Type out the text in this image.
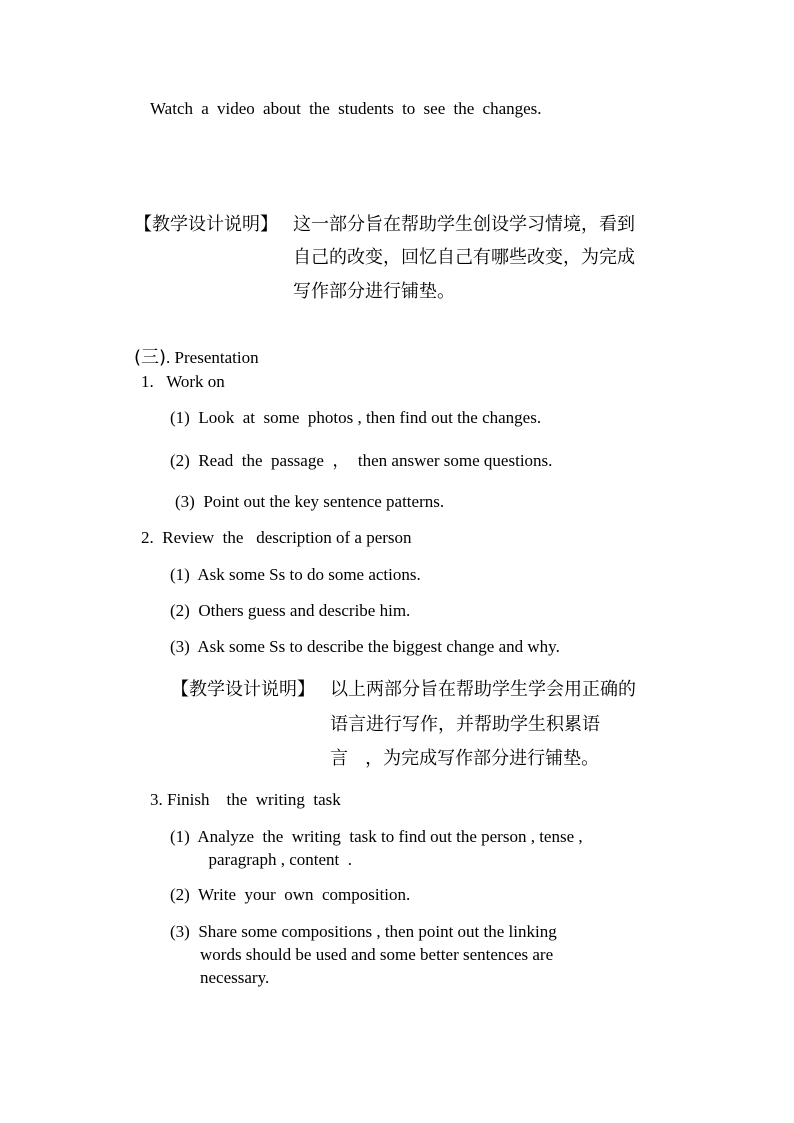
Watch a video about the students to see the changes.
【教学设计说明】 这一部分旨在帮助学生创设学习情境，看到
自己的改变，回忆自己有哪些改变，为完成
写作部分进行铺垫。

(三). Presentation

1.   Work on
(1)  Look  at  some  photos , then find out the changes.
(2)  Read  the  passage  ，  then answer some questions.
(3)  Point out the key sentence patterns.
2.  Review  the   description of a person
(1)  Ask some Ss to do some actions.
(2)  Others guess and describe him.
(3)  Ask some Ss to describe the biggest change and why.
【教学设计说明】 以上两部分旨在帮助学生学会用正确的
语言进行写作，并帮助学生积累语
言   ，为完成写作部分进行铺垫。
3. Finish    the  writing  task
(1)  Analyze  the  writing  task to find out the person , tense ,
paragraph , content  .
(2)  Write  your  own  composition.
(3)  Share some compositions , then point out the linking
words should be used and some better sentences are
necessary.
